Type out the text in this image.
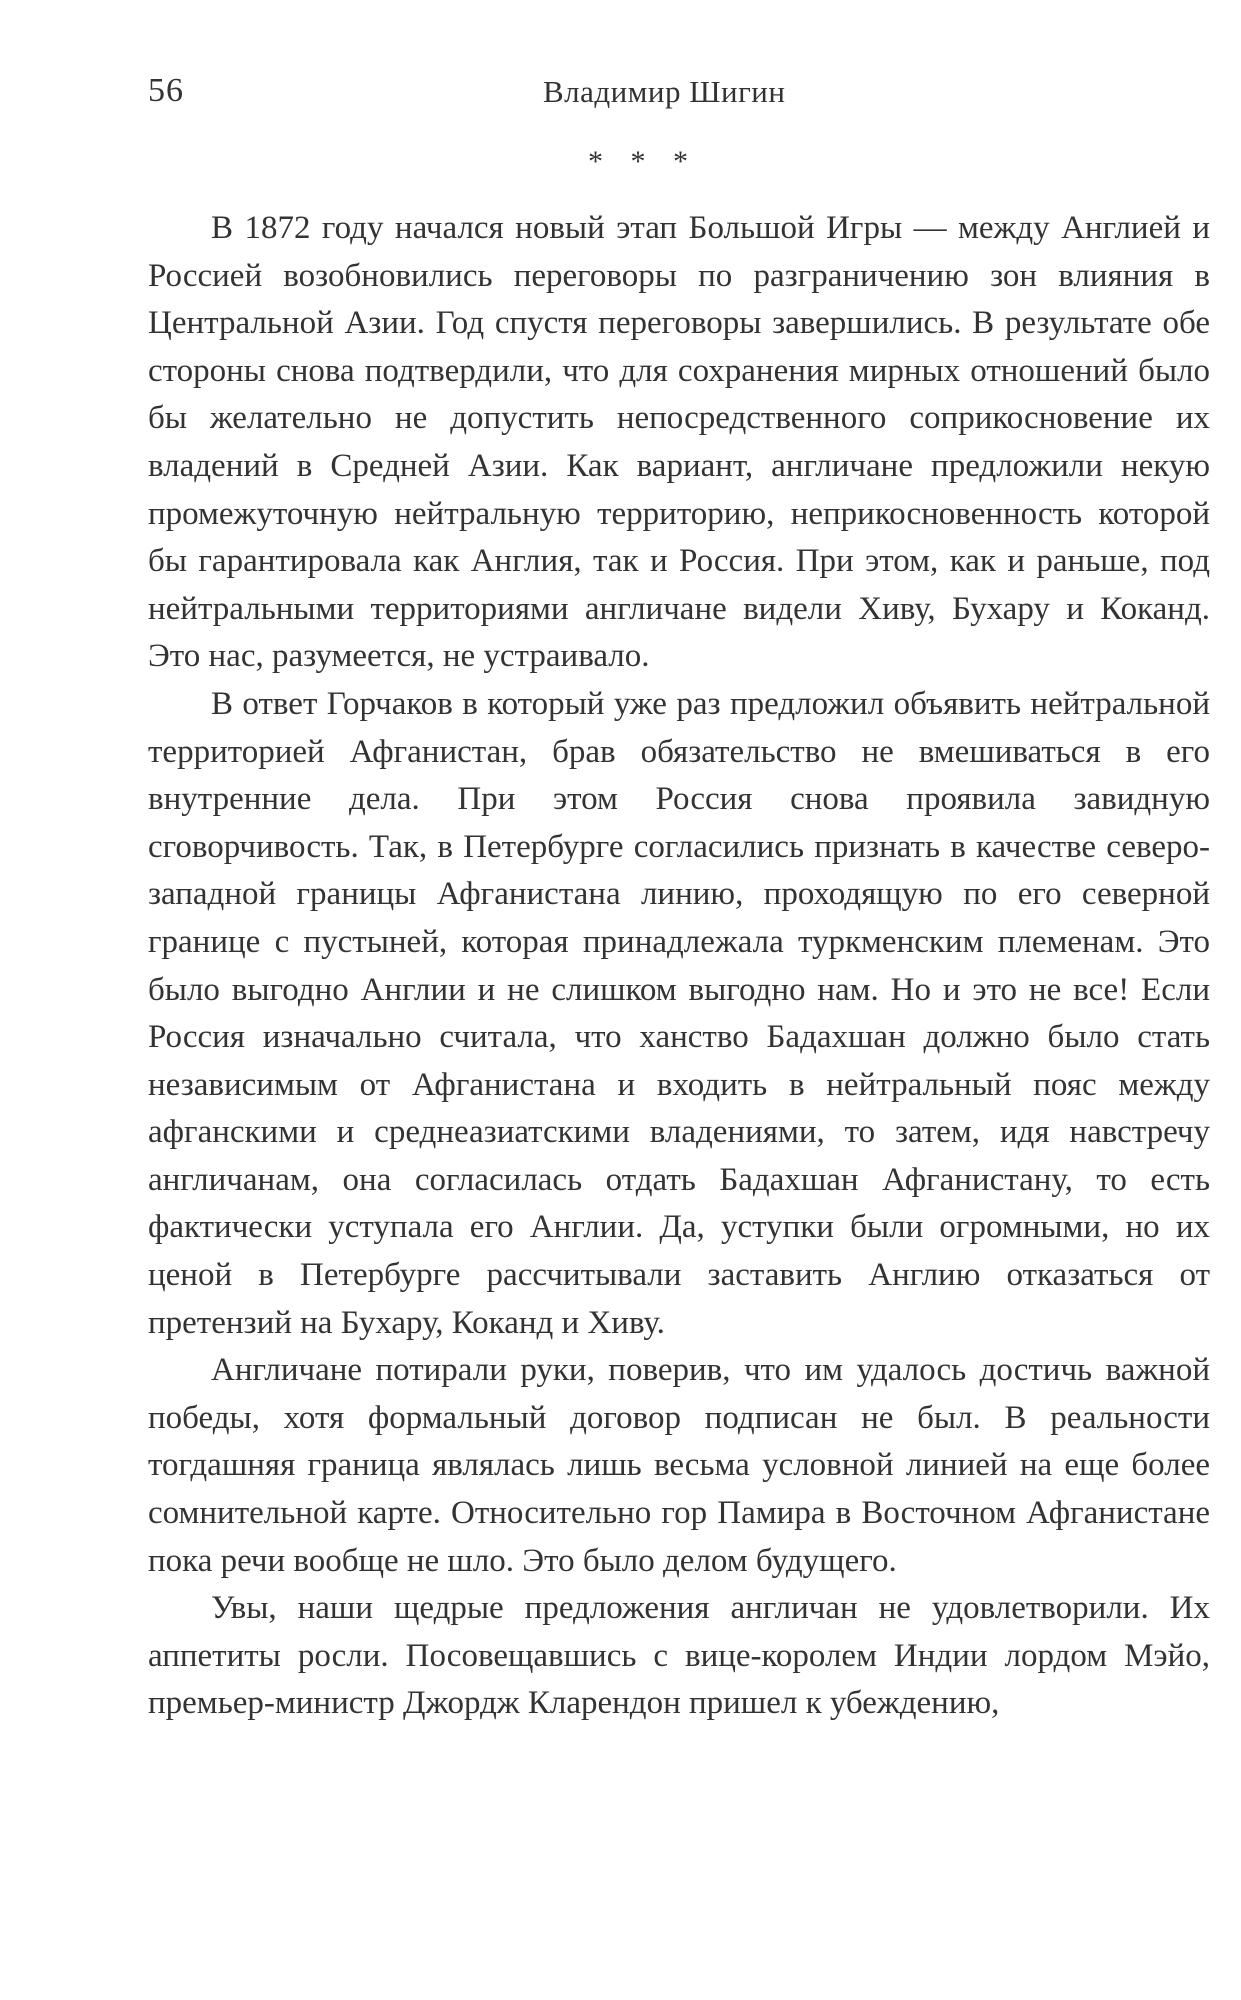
56	Владимир Шигин
* * *

В 1872 году начался новый этап Большой Игры — между Англией и Россией возобновились переговоры по разграничению зон влияния в Центральной Азии. Год спустя переговоры завершились. В результате обе стороны снова подтвердили, что для сохранения мирных отношений было бы желательно не допустить непосредственного соприкосновение их владений в Средней Азии. Как вариант, англичане предложили некую промежуточную нейтральную территорию, неприкосновенность которой бы гарантировала как Англия, так и Россия. При этом, как и раньше, под нейтральными территориями англичане видели Хиву, Бухару и Коканд. Это нас, разумеется, не устраивало.

В ответ Горчаков в который уже раз предложил объявить нейтральной территорией Афганистан, брав обязательство не вмешиваться в его внутренние дела. При этом Россия снова проявила завидную сговорчивость. Так, в Петербурге согласились признать в качестве северо-западной границы Афганистана линию, проходящую по его северной границе с пустыней, которая принадлежала туркменским племенам. Это было выгодно Англии и не слишком выгодно нам. Но и это не все! Если Россия изначально считала, что ханство Бадахшан должно было стать независимым от Афганистана и входить в нейтральный пояс между афганскими и среднеазиатскими владениями, то затем, идя навстречу англичанам, она согласилась отдать Бадахшан Афганистану, то есть фактически уступала его Англии. Да, уступки были огромными, но их ценой в Петербурге рассчитывали заставить Англию отказаться от претензий на Бухару, Коканд и Хиву.

Англичане потирали руки, поверив, что им удалось достичь важной победы, хотя формальный договор подписан не был. В реальности тогдашняя граница являлась лишь весьма условной линией на еще более сомнительной карте. Относительно гор Памира в Восточном Афганистане пока речи вообще не шло. Это было делом будущего.

Увы, наши щедрые предложения англичан не удовлетворили. Их аппетиты росли. Посовещавшись с вице-королем Индии лордом Мэйо, премьер-министр Джордж Кларендон пришел к убеждению,
